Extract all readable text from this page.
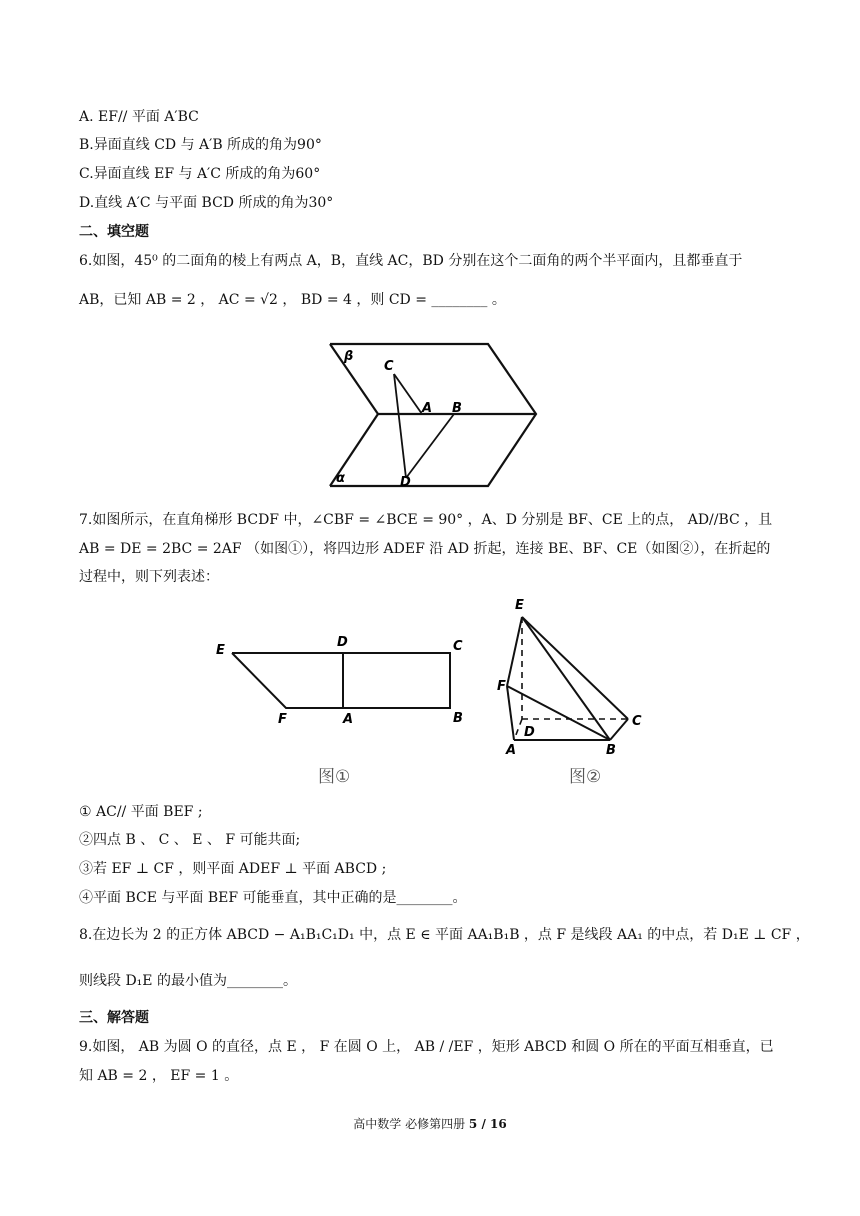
A. EF// 平面 A′BC
B.异面直线 CD 与 A′B 所成的角为90°
C.异面直线 EF 与 A′C 所成的角为60°
D.直线 A′C 与平面 BCD 所成的角为30°
二、填空题
6.如图，45⁰ 的二面角的棱上有两点 A，B，直线 AC，BD 分别在这个二面角的两个半平面内，且都垂直于
AB，已知 AB = 2 ， AC = √2 ， BD = 4 ，则 CD = ________ 。
β
C
A B
α	D
7.如图所示，在直角梯形 BCDF 中，∠CBF = ∠BCE = 90° ，A、D 分别是 BF、CE 上的点， AD//BC ，且
AB = DE = 2BC = 2AF （如图①），将四边形 ADEF 沿 AD 折起，连接 BE、BF、CE（如图②），在折起的
过程中，则下列表述：
E
D	C
F	A	B
图①
E
F
D
C
A	B
图②
① AC// 平面 BEF ;
②四点 B 、 C 、 E 、 F 可能共面;
③若 EF ⊥ CF ，则平面 ADEF ⊥ 平面 ABCD ;
④平面 BCE 与平面 BEF 可能垂直，其中正确的是________。
8.在边长为 2 的正方体 ABCD − A₁B₁C₁D₁ 中，点 E ∈ 平面 AA₁B₁B ，点 F 是线段 AA₁ 的中点，若 D₁E ⊥ CF ，
则线段 D₁E 的最小值为________。
三、解答题
9.如图， AB 为圆 O 的直径，点 E ， F 在圆 O 上， AB / /EF ，矩形 ABCD 和圆 O 所在的平面互相垂直，已
知 AB = 2 ， EF = 1 。
高中数学 必修第四册 5 / 16
